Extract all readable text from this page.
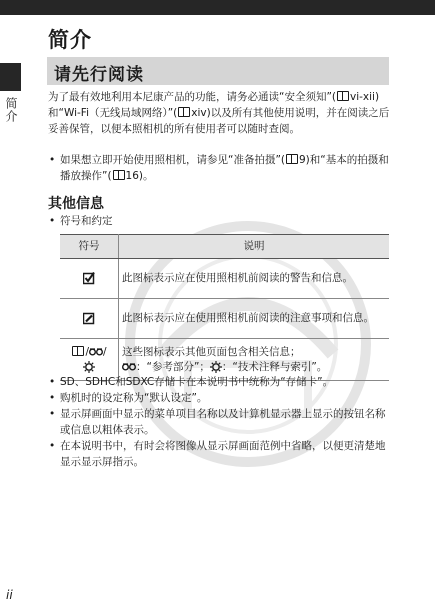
简介
简介
请先行阅读
为了最有效地利用本尼康产品的功能，请务必通读“安全须知”( vi-xii)和“Wi-Fi（无线局域网络）”( xiv)以及所有其他使用说明，并在阅读之后妥善保管，以便本照相机的所有使用者可以随时查阅。
• 如果想立即开始使用照相机，请参见“准备拍摄”( 9)和“基本的拍摄和播放操作”( 16)。
其他信息
• 符号和约定
符号	说明
	此图标表示应在使用照相机前阅读的警告和信息。
	此图标表示应在使用照相机前阅读的注意事项和信息。
/ /	这些图标表示其他页面包含相关信息；
：“参考部分”； ：“技术注释与索引”。
• SD、SDHC和SDXC存储卡在本说明书中统称为“存储卡”。
• 购机时的设定称为“默认设定”。
• 显示屏画面中显示的菜单项目名称以及计算机显示器上显示的按钮名称或信息以粗体表示。
• 在本说明书中，有时会将图像从显示屏画面范例中省略，以便更清楚地显示显示屏指示。
ii
